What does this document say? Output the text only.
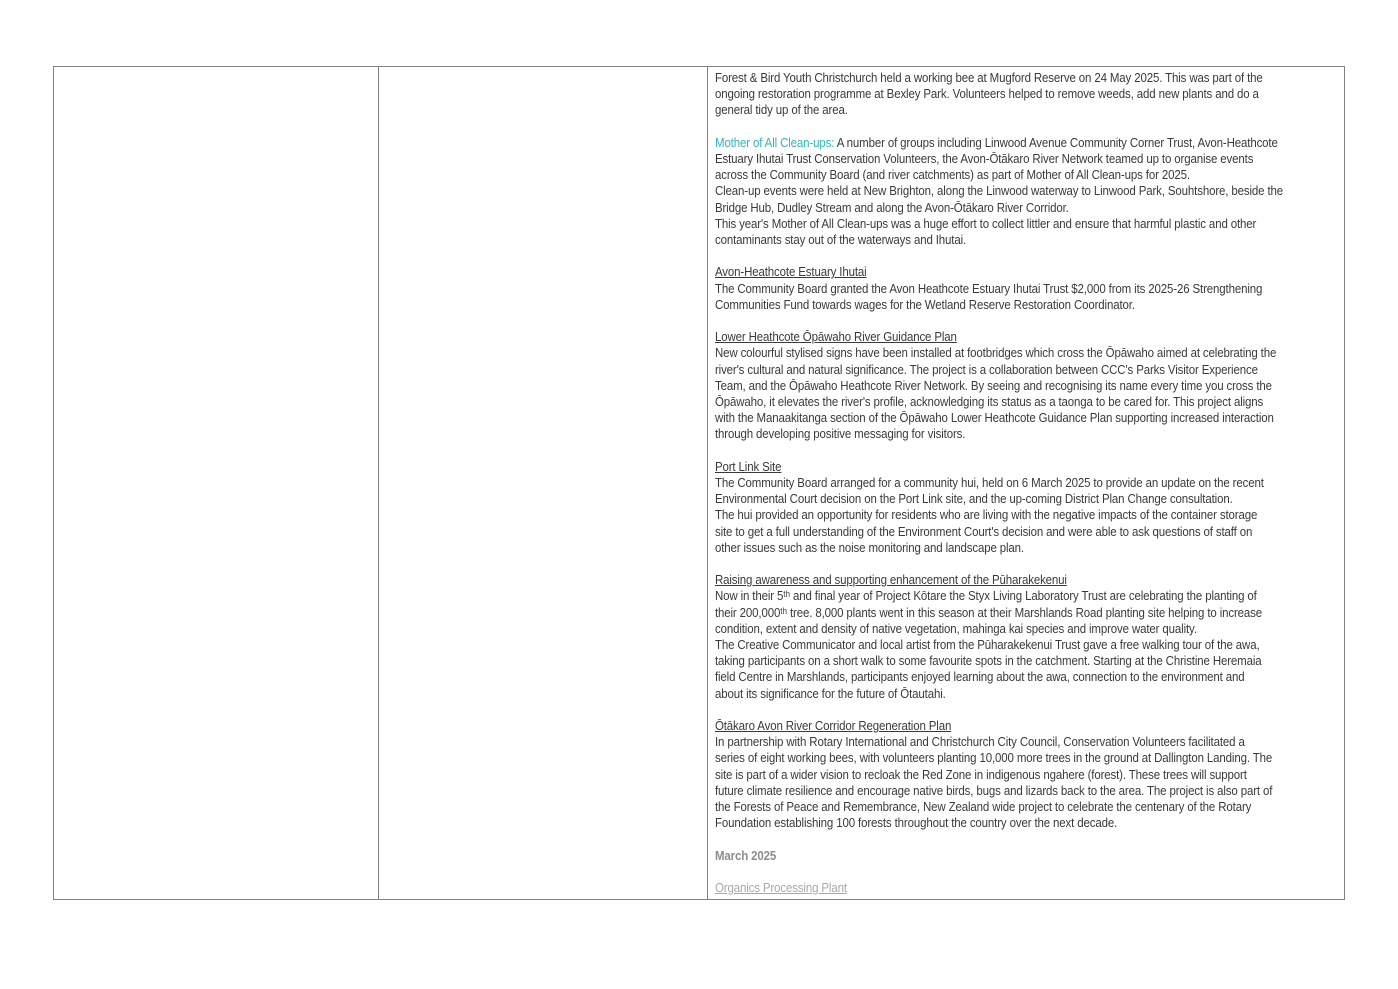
Forest & Bird Youth Christchurch held a working bee at Mugford Reserve on 24 May 2025. This was part of the
ongoing restoration programme at Bexley Park. Volunteers helped to remove weeds, add new plants and do a
general tidy up of the area.
Mother of All Clean-ups: A number of groups including Linwood Avenue Community Corner Trust, Avon-Heathcote
Estuary Ihutai Trust Conservation Volunteers, the Avon-Ōtākaro River Network teamed up to organise events
across the Community Board (and river catchments) as part of Mother of All Clean-ups for 2025.
Clean-up events were held at New Brighton, along the Linwood waterway to Linwood Park, Souhtshore, beside the
Bridge Hub, Dudley Stream and along the Avon-Ōtākaro River Corridor.
This year's Mother of All Clean-ups was a huge effort to collect littler and ensure that harmful plastic and other
contaminants stay out of the waterways and Ihutai.
Avon-Heathcote Estuary Ihutai
The Community Board granted the Avon Heathcote Estuary Ihutai Trust $2,000 from its 2025-26 Strengthening
Communities Fund towards wages for the Wetland Reserve Restoration Coordinator.
Lower Heathcote Ōpāwaho River Guidance Plan
New colourful stylised signs have been installed at footbridges which cross the Ōpāwaho aimed at celebrating the
river's cultural and natural significance. The project is a collaboration between CCC's Parks Visitor Experience
Team, and the Ōpāwaho Heathcote River Network. By seeing and recognising its name every time you cross the
Ōpāwaho, it elevates the river's profile, acknowledging its status as a taonga to be cared for. This project aligns
with the Manaakitanga section of the Ōpāwaho Lower Heathcote Guidance Plan supporting increased interaction
through developing positive messaging for visitors.
Port Link Site
The Community Board arranged for a community hui, held on 6 March 2025 to provide an update on the recent
Environmental Court decision on the Port Link site, and the up-coming District Plan Change consultation.
The hui provided an opportunity for residents who are living with the negative impacts of the container storage
site to get a full understanding of the Environment Court's decision and were able to ask questions of staff on
other issues such as the noise monitoring and landscape plan.
Raising awareness and supporting enhancement of the Pūharakekenui
Now in their 5ᵗʰ and final year of Project Kōtare the Styx Living Laboratory Trust are celebrating the planting of
their 200,000ᵗʰ tree. 8,000 plants went in this season at their Marshlands Road planting site helping to increase
condition, extent and density of native vegetation, mahinga kai species and improve water quality.
The Creative Communicator and local artist from the Pūharakekenui Trust gave a free walking tour of the awa,
taking participants on a short walk to some favourite spots in the catchment. Starting at the Christine Heremaia
field Centre in Marshlands, participants enjoyed learning about the awa, connection to the environment and
about its significance for the future of Ōtautahi.
Ōtākaro Avon River Corridor Regeneration Plan
In partnership with Rotary International and Christchurch City Council, Conservation Volunteers facilitated a
series of eight working bees, with volunteers planting 10,000 more trees in the ground at Dallington Landing. The
site is part of a wider vision to recloak the Red Zone in indigenous ngahere (forest). These trees will support
future climate resilience and encourage native birds, bugs and lizards back to the area. The project is also part of
the Forests of Peace and Remembrance, New Zealand wide project to celebrate the centenary of the Rotary
Foundation establishing 100 forests throughout the country over the next decade.
March 2025
Organics Processing Plant
